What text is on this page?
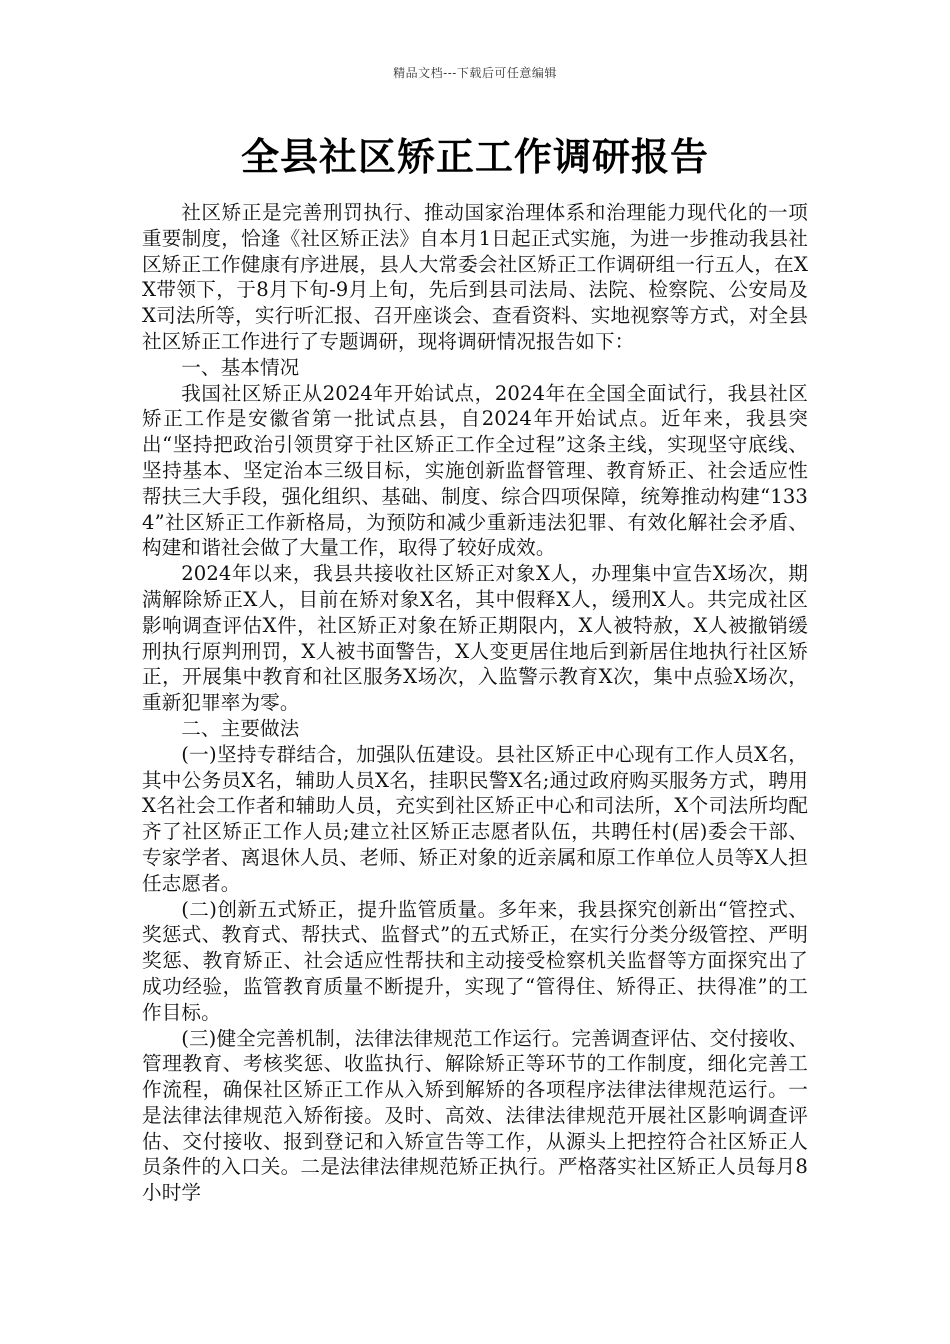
精品文档---下载后可任意编辑
全县社区矫正工作调研报告

社区矫正是完善刑罚执行、推动国家治理体系和治理能力现代化的一项重要制度，恰逢《社区矫正法》自本月1日起正式实施，为进一步推动我县社区矫正工作健康有序进展，县人大常委会社区矫正工作调研组一行五人，在XX带领下，于8月下旬-9月上旬，先后到县司法局、法院、检察院、公安局及X司法所等，实行听汇报、召开座谈会、查看资料、实地视察等方式，对全县社区矫正工作进行了专题调研，现将调研情况报告如下：

一、基本情况

我国社区矫正从2024年开始试点，2024年在全国全面试行，我县社区矫正工作是安徽省第一批试点县，自2024年开始试点。近年来，我县突出“坚持把政治引领贯穿于社区矫正工作全过程”这条主线，实现坚守底线、坚持基本、坚定治本三级目标，实施创新监督管理、教育矫正、社会适应性帮扶三大手段，强化组织、基础、制度、综合四项保障，统筹推动构建“1334”社区矫正工作新格局，为预防和减少重新违法犯罪、有效化解社会矛盾、构建和谐社会做了大量工作，取得了较好成效。

2024年以来，我县共接收社区矫正对象X人，办理集中宣告X场次，期满解除矫正X人，目前在矫对象X名，其中假释X人，缓刑X人。共完成社区影响调查评估X件，社区矫正对象在矫正期限内，X人被特赦，X人被撤销缓刑执行原判刑罚，X人被书面警告，X人变更居住地后到新居住地执行社区矫正，开展集中教育和社区服务X场次，入监警示教育X次，集中点验X场次，重新犯罪率为零。

二、主要做法

(一)坚持专群结合，加强队伍建设。县社区矫正中心现有工作人员X名，其中公务员X名，辅助人员X名，挂职民警X名;通过政府购买服务方式，聘用X名社会工作者和辅助人员，充实到社区矫正中心和司法所，X个司法所均配齐了社区矫正工作人员;建立社区矫正志愿者队伍，共聘任村(居)委会干部、专家学者、离退休人员、老师、矫正对象的近亲属和原工作单位人员等X人担任志愿者。

(二)创新五式矫正，提升监管质量。多年来，我县探究创新出“管控式、奖惩式、教育式、帮扶式、监督式”的五式矫正，在实行分类分级管控、严明奖惩、教育矫正、社会适应性帮扶和主动接受检察机关监督等方面探究出了成功经验，监管教育质量不断提升，实现了“管得住、矫得正、扶得准”的工作目标。

(三)健全完善机制，法律法律规范工作运行。完善调查评估、交付接收、管理教育、考核奖惩、收监执行、解除矫正等环节的工作制度，细化完善工作流程，确保社区矫正工作从入矫到解矫的各项程序法律法律规范运行。一是法律法律规范入矫衔接。及时、高效、法律法律规范开展社区影响调查评估、交付接收、报到登记和入矫宣告等工作，从源头上把控符合社区矫正人员条件的入口关。二是法律法律规范矫正执行。严格落实社区矫正人员每月8小时学
